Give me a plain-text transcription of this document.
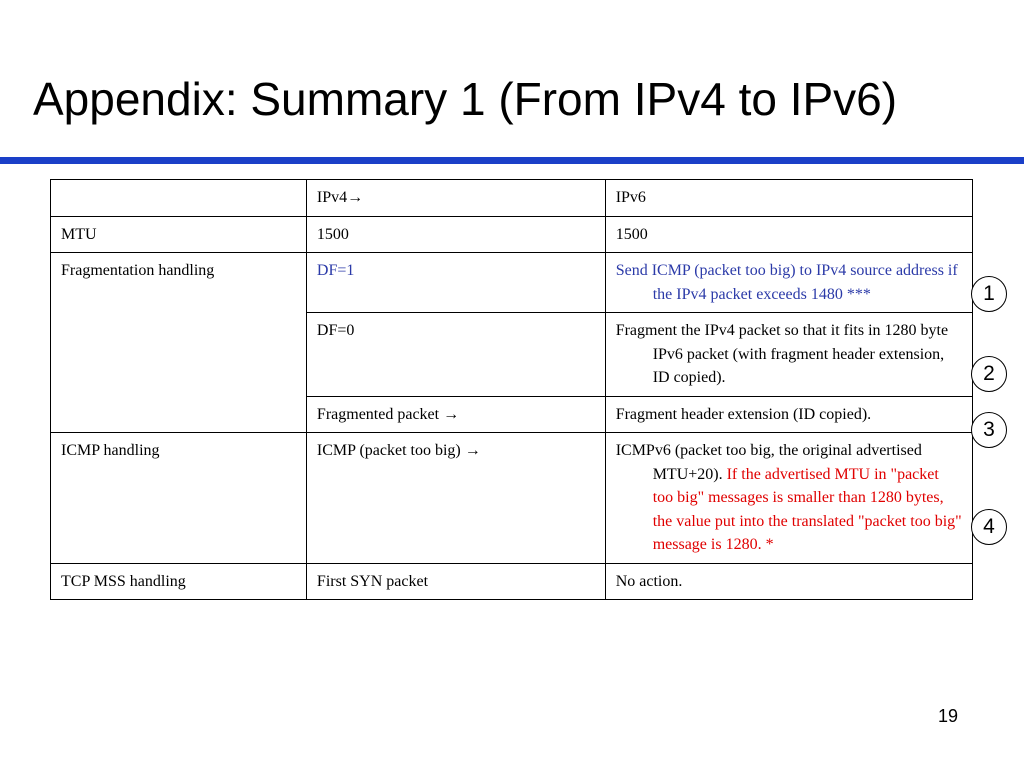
Appendix: Summary 1 (From IPv4 to IPv6)
	IPv4→	IPv6
MTU	1500	1500
Fragmentation handling	DF=1	Send ICMP (packet too big) to IPv4 source address if the IPv4 packet exceeds 1480 ***

	DF=0	Fragment the IPv4 packet so that it fits in 1280 byte IPv6 packet (with fragment header extension, ID copied).

	Fragmented packet →	Fragment header extension (ID copied).
ICMP handling	ICMP (packet too big) →	ICMPv6 (packet too big, the original advertised MTU+20). If the advertised MTU in "packet too big" messages is smaller than 1280 bytes, the value put into the translated "packet too big" message is 1280. *

TCP MSS handling	First SYN packet	No action.
1
2
3
4
19
